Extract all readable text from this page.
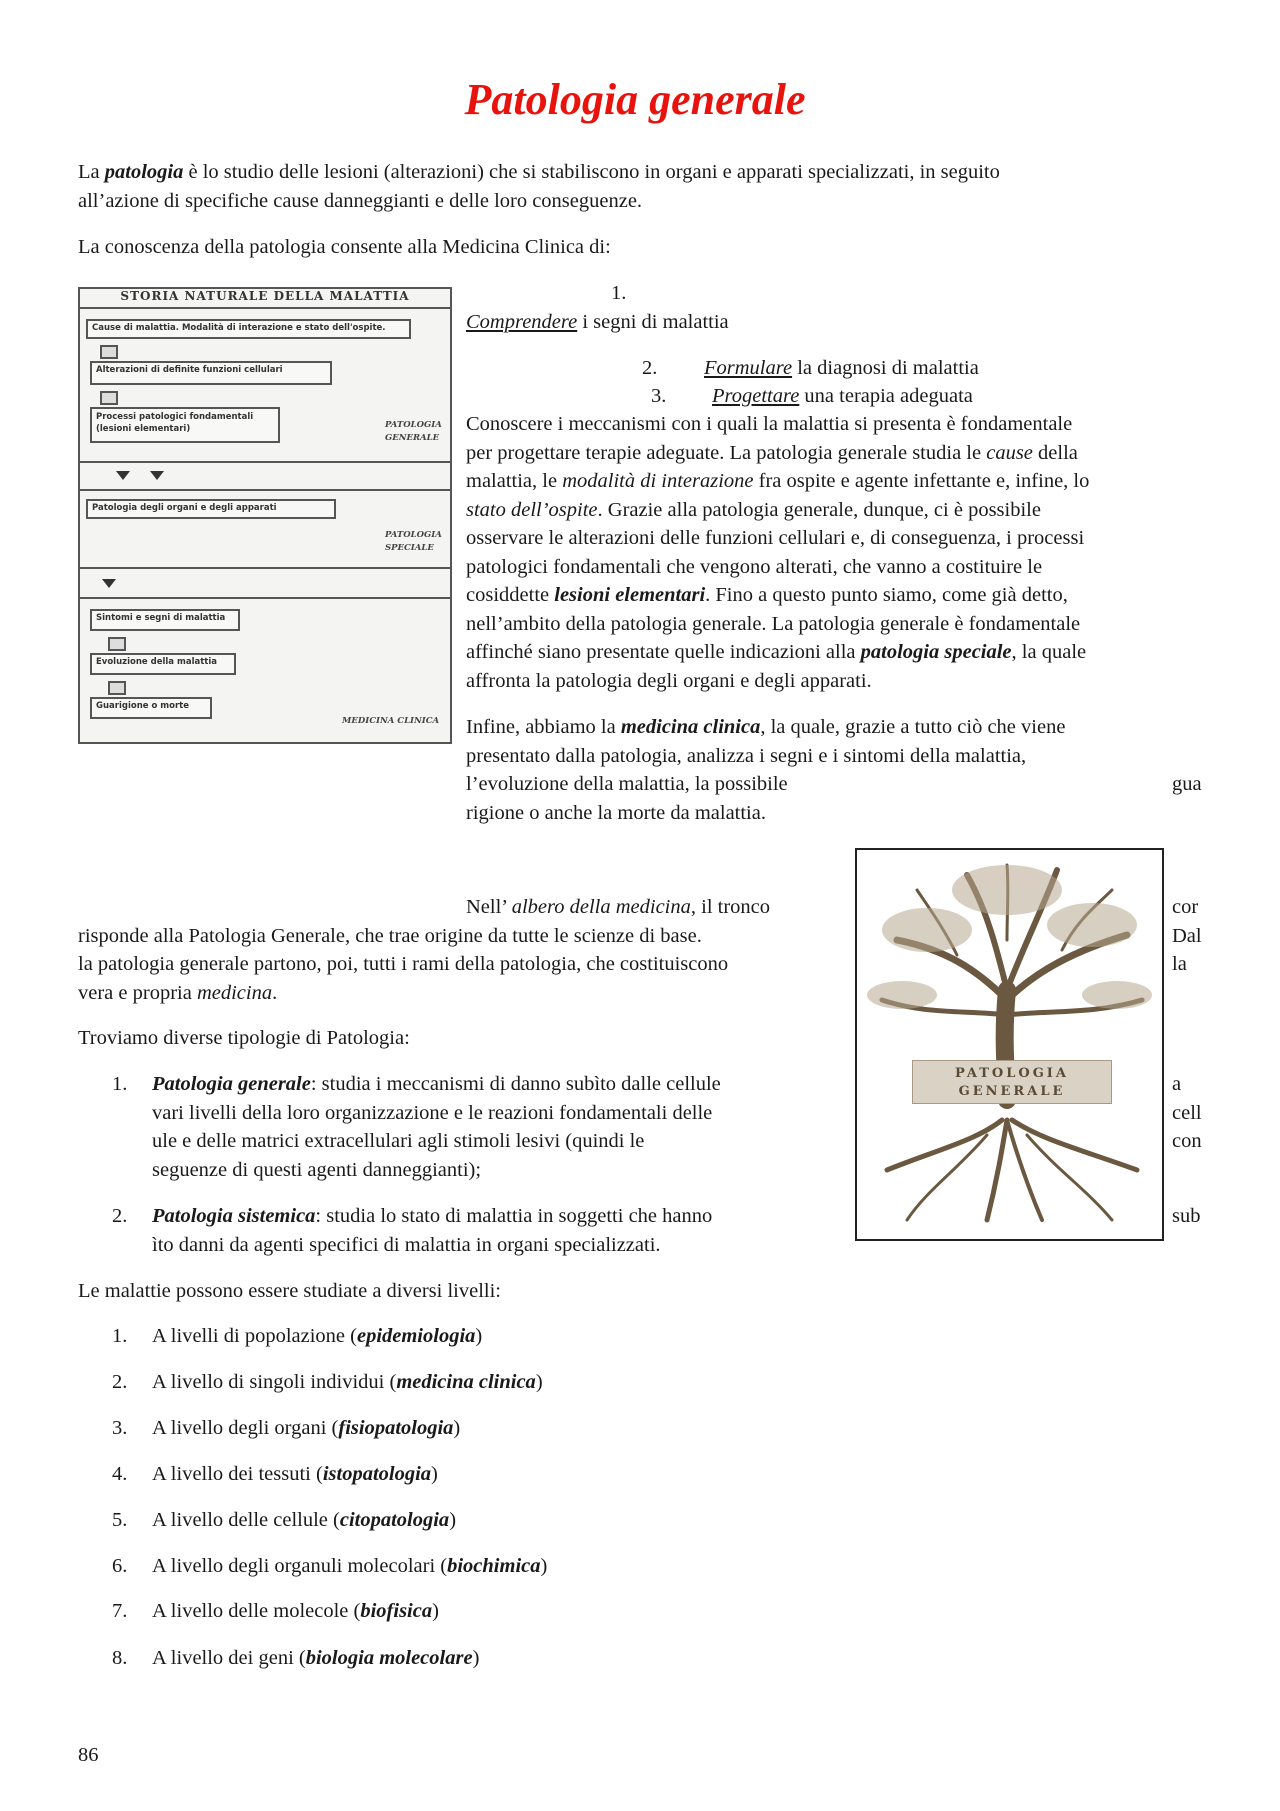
Patologia generale
La patologia è lo studio delle lesioni (alterazioni) che si stabiliscono in organi e apparati specializzati, in seguito
all’azione di specifiche cause danneggianti e delle loro conseguenze.
La conoscenza della patologia consente alla Medicina Clinica di:
STORIA NATURALE DELLA MALATTIA
Cause di malattia. Modalità di interazione e stato dell'ospite.
Alterazioni di definite funzioni cellulari
Processi patologici fondamentali
(lesioni elementari)	PATOLOGIA
GENERALE
Patologia degli organi e degli apparati
PATOLOGIA
SPECIALE
Sintomi e segni di malattia
Evoluzione della malattia
Guarigione o morte
MEDICINA CLINICA
1.
Comprendere i segni di malattia
2. Formulare la diagnosi di malattia
3. Progettare una terapia adeguata
Conoscere i meccanismi con i quali la malattia si presenta è fondamentale
per progettare terapie adeguate. La patologia generale studia le cause della
malattia, le modalità di interazione fra ospite e agente infettante e, infine, lo
stato dell’ospite. Grazie alla patologia generale, dunque, ci è possibile
osservare le alterazioni delle funzioni cellulari e, di conseguenza, i processi
patologici fondamentali che vengono alterati, che vanno a costituire le
cosiddette lesioni elementari. Fino a questo punto siamo, come già detto,
nell’ambito della patologia generale. La patologia generale è fondamentale
affinché siano presentate quelle indicazioni alla patologia speciale, la quale
affronta la patologia degli organi e degli apparati.
Infine, abbiamo la medicina clinica, la quale, grazie a tutto ciò che viene
presentato dalla patologia, analizza i segni e i sintomi della malattia,
l’evoluzione della malattia, la possibile	gua
rigione o anche la morte da malattia.
Nell’ albero della medicina, il tronco	cor
risponde alla Patologia Generale, che trae origine da tutte le scienze di base.	Dal
la patologia generale partono, poi, tutti i rami della patologia, che costituiscono	la
vera e propria medicina.
PATOLOGIA
GENERALE
Troviamo diverse tipologie di Patologia:
1. Patologia generale: studia i meccanismi di danno subìto dalle cellule	a
vari livelli della loro organizzazione e le reazioni fondamentali delle	cell
ule e delle matrici extracellulari agli stimoli lesivi (quindi le	con
seguenze di questi agenti danneggianti);
2. Patologia sistemica: studia lo stato di malattia in soggetti che hanno	sub
ìto danni da agenti specifici di malattia in organi specializzati.
Le malattie possono essere studiate a diversi livelli:
1. A livelli di popolazione (epidemiologia)
2. A livello di singoli individui (medicina clinica)
3. A livello degli organi (fisiopatologia)
4. A livello dei tessuti (istopatologia)
5. A livello delle cellule (citopatologia)
6. A livello degli organuli molecolari (biochimica)
7. A livello delle molecole (biofisica)
8. A livello dei geni (biologia molecolare)
86
